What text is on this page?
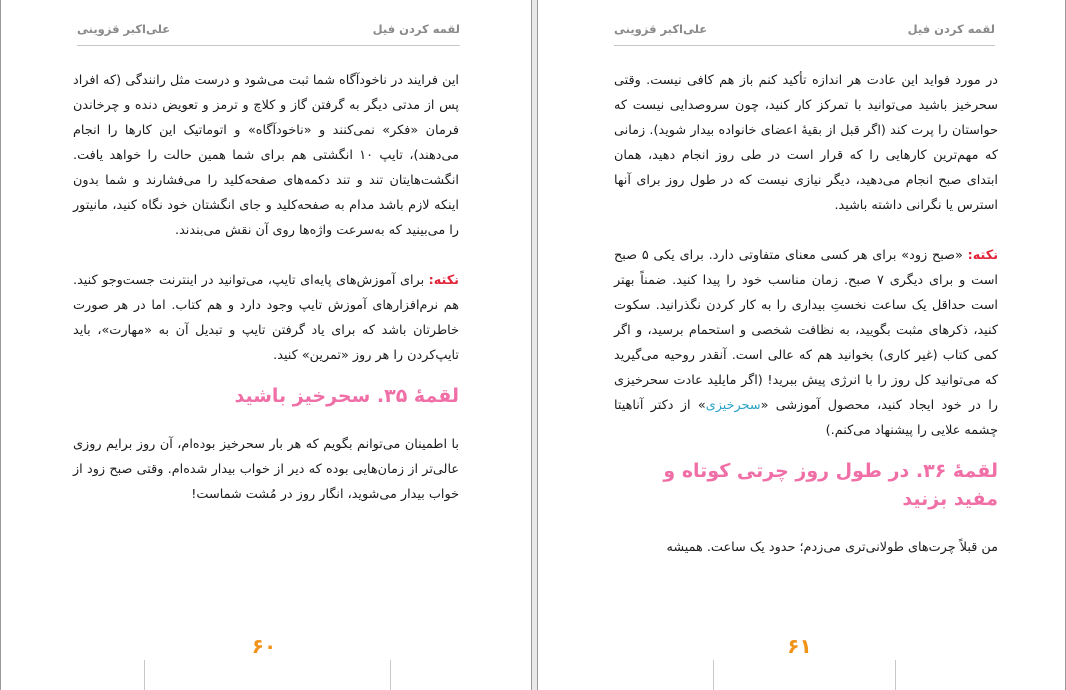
لقمه کردن فیل
علی‌اکبر قزوینی

این فرایند در ناخودآگاه شما ثبت می‌شود و درست مثل رانندگی (که افراد پس از مدتی دیگر به گرفتن گاز و کلاچ و ترمز و تعویض دنده و چرخاندن فرمان «فکر» نمی‌کنند و «ناخودآگاه» و اتوماتیک این کارها را انجام می‌دهند)، تایپ ۱۰ انگشتی هم برای شما همین حالت را خواهد یافت. انگشت‌هایتان تند و تند دکمه‌های صفحه‌کلید را می‌فشارند و شما بدون اینکه لازم باشد مدام به صفحه‌کلید و جای انگشتان خود نگاه کنید، مانیتور را می‌بینید که به‌سرعت واژه‌ها روی آن نقش می‌بندند.

نکته: برای آموزش‌های پایه‌ای تایپ، می‌توانید در اینترنت جست‌وجو کنید. هم نرم‌افزارهای آموزش تایپ وجود دارد و هم کتاب. اما در هر صورت خاطرتان باشد که برای یاد گرفتن تایپ و تبدیل آن به «مهارت»، باید تایپ‌کردن را هر روز «تمرین» کنید.

لقمهٔ ۳۵. سحرخیز باشید

با اطمینان می‌توانم بگویم که هر بار سحرخیز بوده‌ام، آن روز برایم روزی عالی‌تر از زمان‌هایی بوده که دیر از خواب بیدار شده‌ام. وقتی صبح زود از خواب بیدار می‌شوید، انگار روز در مُشت شماست!

۶۰
لقمه کردن فیل
علی‌اکبر قزوینی

در مورد فواید این عادت هر اندازه تأکید کنم باز هم کافی نیست. وقتی سحرخیز باشید می‌توانید با تمرکز کار کنید، چون سروصدایی نیست که حواستان را پرت کند (اگر قبل از بقیهٔ اعضای خانواده بیدار شوید). زمانی که مهم‌ترین کارهایی را که قرار است در طی روز انجام دهید، همان ابتدای صبح انجام می‌دهید، دیگر نیازی نیست که در طول روز برای آنها استرس یا نگرانی داشته باشید.

نکته: «صبح زود» برای هر کسی معنای متفاوتی دارد. برای یکی ۵ صبح است و برای دیگری ۷ صبح. زمان مناسب خود را پیدا کنید. ضمناً بهتر است حداقل یک ساعت نخستِ بیداری را به کار کردن نگذرانید. سکوت کنید، ذکرهای مثبت بگویید، به نظافت شخصی و استحمام برسید، و اگر کمی کتاب (غیر کاری) بخوانید هم که عالی است. آنقدر روحیه می‌گیرید که می‌توانید کل روز را با انرژی پیش ببرید! (اگر مایلید عادت سحرخیزی را در خود ایجاد کنید، محصول آموزشی «سحرخیزی» از دکتر آناهیتا چشمه علایی را پیشنهاد می‌کنم.)

لقمهٔ ۳۶. در طول روز چرتی کوتاه و مفید بزنید

من قبلاً چرت‌های طولانی‌تری می‌زدم؛ حدود یک ساعت. همیشه

۶۱
